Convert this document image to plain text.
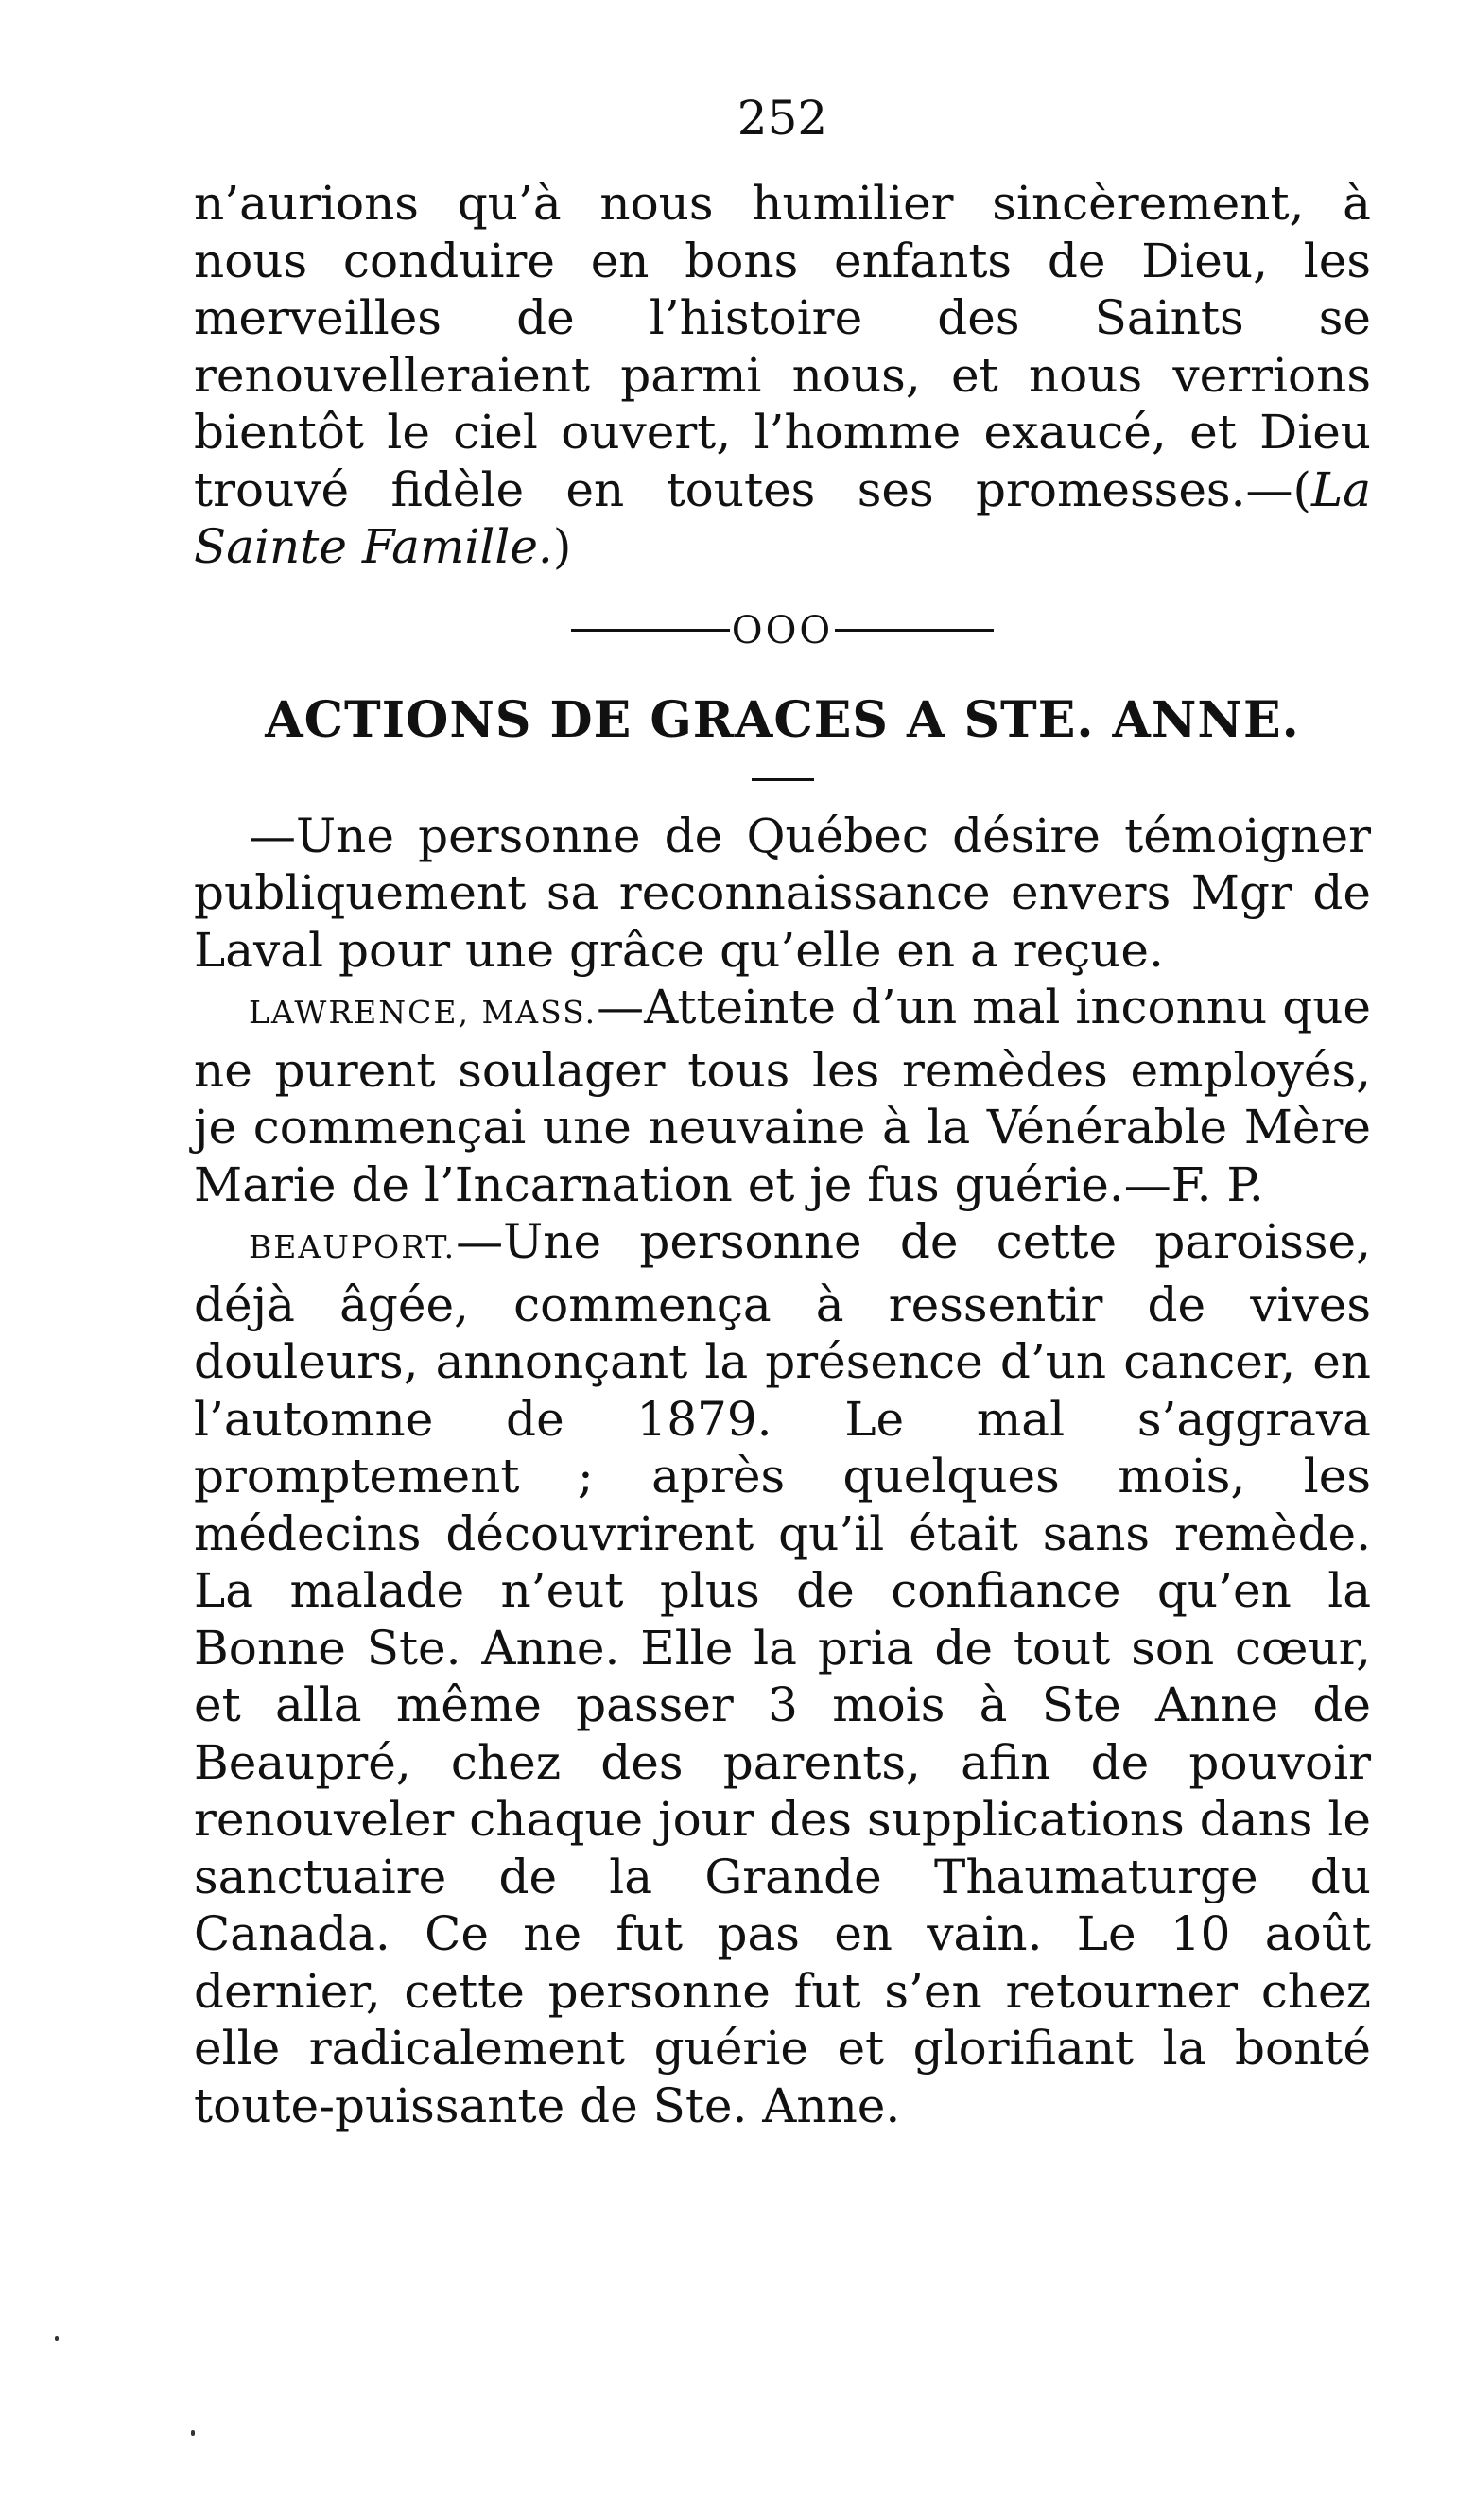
252

n’aurions qu’à nous humilier sincèrement, à nous conduire en bons enfants de Dieu, les merveilles de l’histoire des Saints se renouvelleraient parmi nous, et nous verrions bientôt le ciel ouvert, l’homme exaucé, et Dieu trouvé fidèle en toutes ses promesses.—(La Sainte Famille.)

OOO
ACTIONS DE GRACES A STE. ANNE.

—Une personne de Québec désire témoigner publiquement sa reconnaissance envers Mgr de Laval pour une grâce qu’elle en a reçue.

LAWRENCE, MASS.—Atteinte d’un mal inconnu que ne purent soulager tous les remèdes employés, je commençai une neuvaine à la Vénérable Mère Marie de l’Incarnation et je fus guérie.—F. P.

BEAUPORT.—Une personne de cette paroisse, déjà âgée, commença à ressentir de vives douleurs, annonçant la présence d’un cancer, en l’automne de 1879. Le mal s’aggrava promptement ; après quelques mois, les médecins découvrirent qu’il était sans remède. La malade n’eut plus de confiance qu’en la Bonne Ste. Anne. Elle la pria de tout son cœur, et alla même passer 3 mois à Ste Anne de Beaupré, chez des parents, afin de pouvoir renouveler chaque jour des supplications dans le sanctuaire de la Grande Thaumaturge du Canada. Ce ne fut pas en vain. Le 10 août dernier, cette personne fut s’en retourner chez elle radicalement guérie et glorifiant la bonté toute-puissante de Ste. Anne.
